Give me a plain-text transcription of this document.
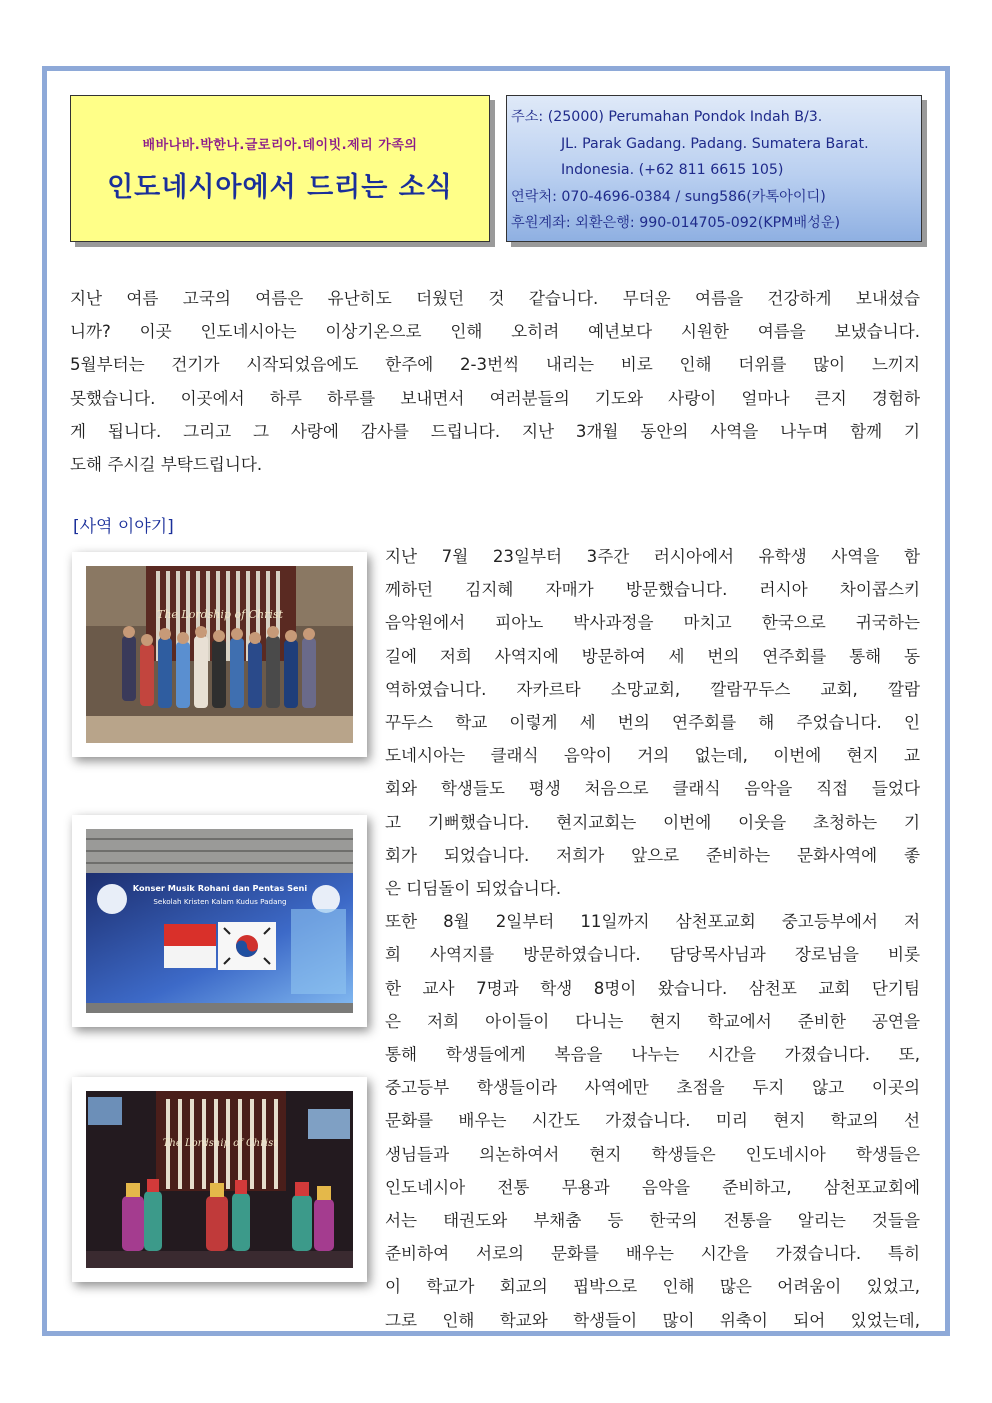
배바나바.박한나.글로리아.데이빗.제리 가족의
인도네시아에서 드리는 소식
주소: (25000) Perumahan Pondok Indah B/3.
JL. Parak Gadang. Padang. Sumatera Barat.
Indonesia. (+62 811 6615 105)
연락처: 070-4696-0384 / sung586(카톡아이디)
후원계좌: 외환은행: 990-014705-092(KPM배성운)
지난 여름 고국의 여름은 유난히도 더웠던 것 같습니다. 무더운 여름을 건강하게 보내셨습
니까? 이곳 인도네시아는 이상기온으로 인해 오히려 예년보다 시원한 여름을 보냈습니다.
5월부터는 건기가 시작되었음에도 한주에 2-3번씩 내리는 비로 인해 더위를 많이 느끼지
못했습니다. 이곳에서 하루 하루를 보내면서 여러분들의 기도와 사랑이 얼마나 큰지 경험하
게 됩니다. 그리고 그 사랑에 감사를 드립니다. 지난 3개월 동안의 사역을 나누며 함께 기
도해 주시길 부탁드립니다.
[사역 이야기]
지난 7월 23일부터 3주간 러시아에서 유학생 사역을 함
께하던 김지혜 자매가 방문했습니다. 러시아 차이콥스키
음악원에서 피아노 박사과정을 마치고 한국으로 귀국하는
길에 저희 사역지에 방문하여 세 번의 연주회를 통해 동
역하였습니다. 자카르타 소망교회, 깔람꾸두스 교회, 깔람
꾸두스 학교 이렇게 세 번의 연주회를 해 주었습니다. 인
도네시아는 클래식 음악이 거의 없는데, 이번에 현지 교
회와 학생들도 평생 처음으로 클래식 음악을 직접 들었다
고 기뻐했습니다. 현지교회는 이번에 이웃을 초청하는 기
회가 되었습니다. 저희가 앞으로 준비하는 문화사역에 좋
은 디딤돌이 되었습니다.
또한 8월 2일부터 11일까지 삼천포교회 중고등부에서 저
희 사역지를 방문하였습니다. 담당목사님과 장로님을 비롯
한 교사 7명과 학생 8명이 왔습니다. 삼천포 교회 단기팀
은 저희 아이들이 다니는 현지 학교에서 준비한 공연을
통해 학생들에게 복음을 나누는 시간을 가졌습니다. 또,
중고등부 학생들이라 사역에만 초점을 두지 않고 이곳의
문화를 배우는 시간도 가졌습니다. 미리 현지 학교의 선
생님들과 의논하여서 현지 학생들은 인도네시아 학생들은
인도네시아 전통 무용과 음악을 준비하고, 삼천포교회에
서는 태권도와 부채춤 등 한국의 전통을 알리는 것들을
준비하여 서로의 문화를 배우는 시간을 가졌습니다. 특히
이 학교가 회교의 핍박으로 인해 많은 어려움이 있었고,
그로 인해 학교와 학생들이 많이 위축이 되어 있었는데,
The Lordship of Christ
Konser Musik Rohani dan Pentas Seni
Sekolah Kristen Kalam Kudus Padang
The Lordship of Christ
